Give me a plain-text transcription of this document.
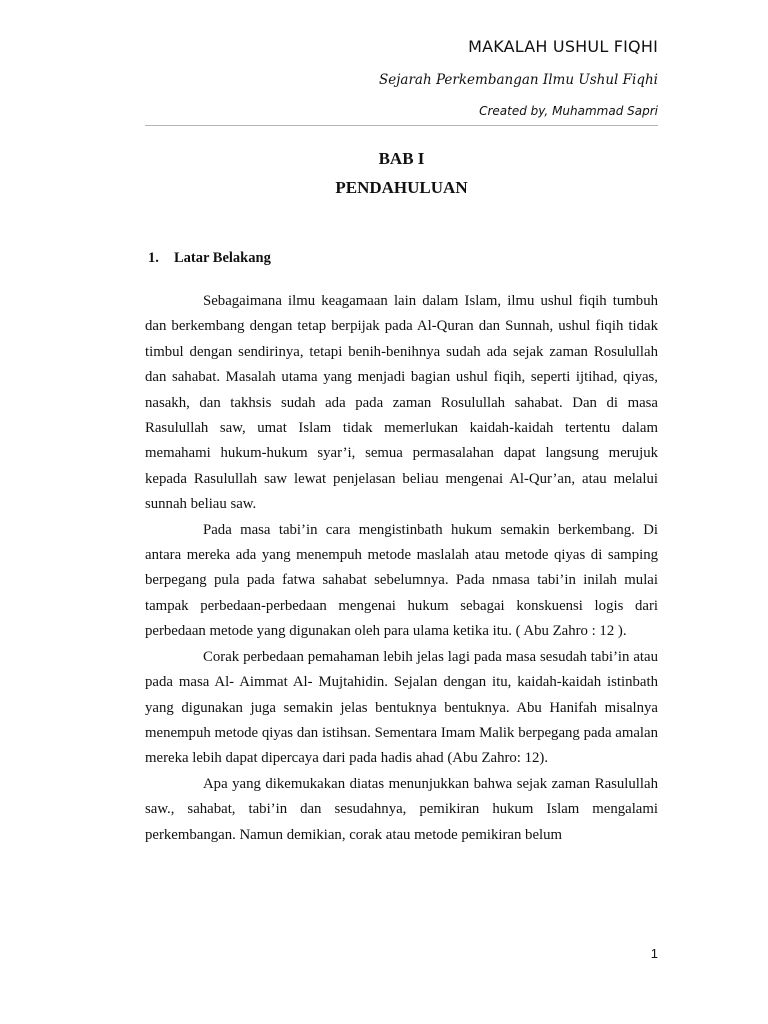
MAKALAH USHUL FIQHI
Sejarah Perkembangan Ilmu Ushul Fiqhi
Created by, Muhammad Sapri
BAB I
PENDAHULUAN
1. Latar Belakang

Sebagaimana ilmu keagamaan lain dalam Islam, ilmu ushul fiqih tumbuh dan berkembang dengan tetap berpijak pada Al-Quran dan Sunnah, ushul fiqih tidak timbul dengan sendirinya, tetapi benih-benihnya sudah ada sejak zaman Rosulullah dan sahabat. Masalah utama yang menjadi bagian ushul fiqih, seperti ijtihad, qiyas, nasakh, dan takhsis sudah ada pada zaman Rosulullah sahabat. Dan di masa Rasulullah saw, umat Islam tidak memerlukan kaidah-kaidah tertentu dalam memahami hukum-hukum syar’i, semua permasalahan dapat langsung merujuk kepada Rasulullah saw lewat penjelasan beliau mengenai Al-Qur’an, atau melalui sunnah beliau saw.

Pada masa tabi’in cara mengistinbath hukum semakin berkembang. Di antara mereka ada yang menempuh metode maslalah atau metode qiyas di samping berpegang pula pada fatwa sahabat sebelumnya. Pada nmasa tabi’in inilah mulai tampak perbedaan-perbedaan mengenai hukum sebagai konskuensi logis dari perbedaan metode yang digunakan oleh para ulama ketika itu. ( Abu Zahro : 12 ).

Corak perbedaan pemahaman lebih jelas lagi pada masa sesudah tabi’in atau pada masa Al- Aimmat Al- Mujtahidin. Sejalan dengan itu, kaidah-kaidah istinbath yang digunakan juga semakin jelas bentuknya bentuknya. Abu Hanifah misalnya menempuh metode qiyas dan istihsan. Sementara Imam Malik berpegang pada amalan mereka lebih dapat dipercaya dari pada hadis ahad (Abu Zahro: 12).

Apa yang dikemukakan diatas menunjukkan bahwa sejak zaman Rasulullah saw., sahabat, tabi’in dan sesudahnya, pemikiran hukum Islam mengalami perkembangan. Namun demikian, corak atau metode pemikiran belum

1
